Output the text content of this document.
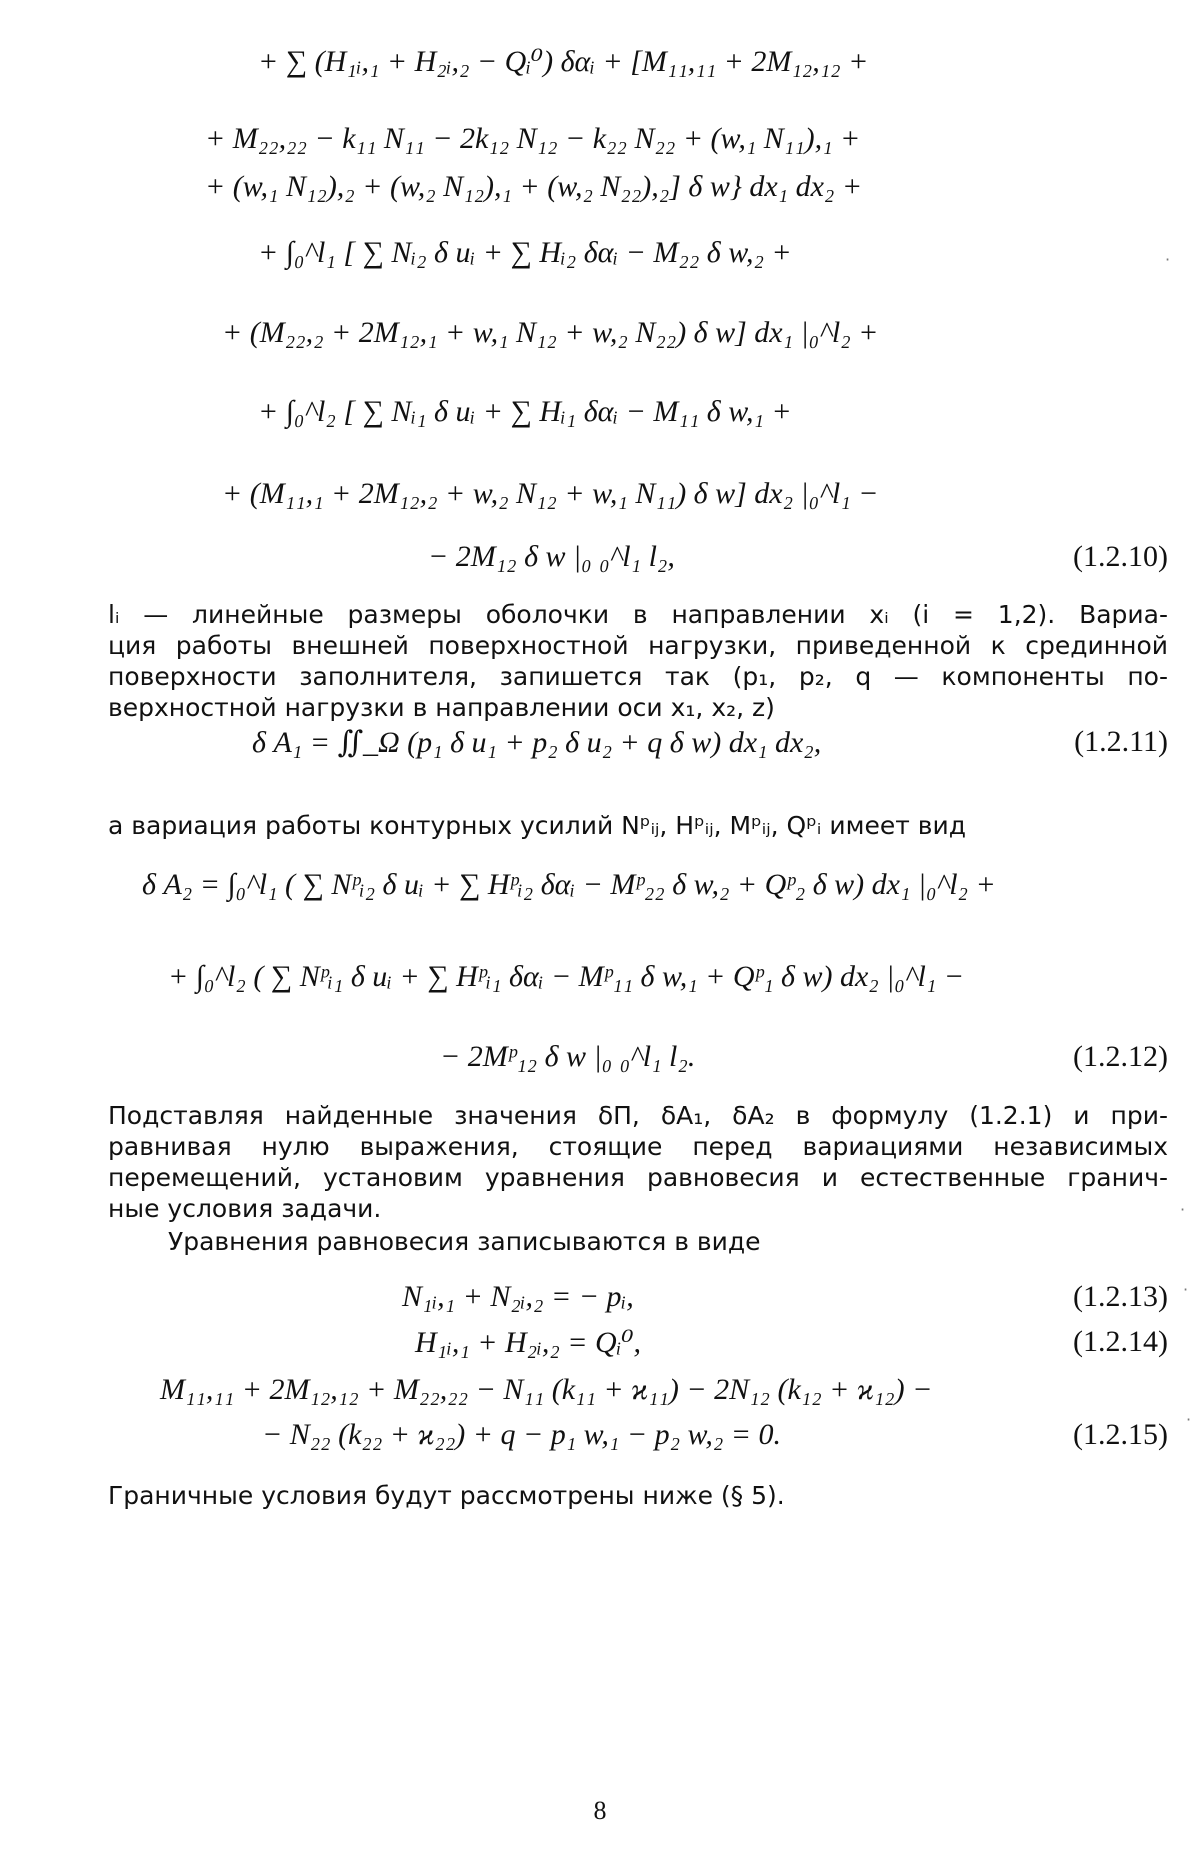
+ ∑ (H₁ᵢ,₁ + H₂ᵢ,₂ − Qᵢ⁰) δαᵢ + [M₁₁,₁₁ + 2M₁₂,₁₂ +
+ M₂₂,₂₂ − k₁₁ N₁₁ − 2k₁₂ N₁₂ − k₂₂ N₂₂ + (w,₁ N₁₁),₁ +
+ (w,₁ N₁₂),₂ + (w,₂ N₁₂),₁ + (w,₂ N₂₂),₂] δ w} dx₁ dx₂ +
+ ∫₀^l₁ [ ∑ Nᵢ₂ δ uᵢ + ∑ Hᵢ₂ δαᵢ − M₂₂ δ w,₂ +
+ (M₂₂,₂ + 2M₁₂,₁ + w,₁ N₁₂ + w,₂ N₂₂) δ w] dx₁ |₀^l₂ +
+ ∫₀^l₂ [ ∑ Nᵢ₁ δ uᵢ + ∑ Hᵢ₁ δαᵢ − M₁₁ δ w,₁ +
+ (M₁₁,₁ + 2M₁₂,₂ + w,₂ N₁₂ + w,₁ N₁₁) δ w] dx₂ |₀^l₁ −
− 2M₁₂ δ w |₀ ₀^l₁ l₂,	(1.2.10)
lᵢ — линейные размеры оболочки в направлении xᵢ (i = 1,2). Вариа-
ция работы внешней поверхностной нагрузки, приведенной к срединной
поверхности заполнителя, запишется так (p₁, p₂, q — компоненты по-
верхностной нагрузки в направлении оси x₁, x₂, z)
δ A₁ = ∬_Ω (p₁ δ u₁ + p₂ δ u₂ + q δ w) dx₁ dx₂,	(1.2.11)
а вариация работы контурных усилий Nᵖᵢⱼ, Hᵖᵢⱼ, Mᵖᵢⱼ, Qᵖᵢ имеет вид
δ A₂ = ∫₀^l₁ ( ∑ Nᵖᵢ₂ δ uᵢ + ∑ Hᵖᵢ₂ δαᵢ − Mᵖ₂₂ δ w,₂ + Qᵖ₂ δ w) dx₁ |₀^l₂ +
+ ∫₀^l₂ ( ∑ Nᵖᵢ₁ δ uᵢ + ∑ Hᵖᵢ₁ δαᵢ − Mᵖ₁₁ δ w,₁ + Qᵖ₁ δ w) dx₂ |₀^l₁ −
− 2Mᵖ₁₂ δ w |₀ ₀^l₁ l₂.	(1.2.12)
Подставляя найденные значения δП, δA₁, δA₂ в формулу (1.2.1) и при-
равнивая нулю выражения, стоящие перед вариациями независимых
перемещений, установим уравнения равновесия и естественные гранич-
ные условия задачи.
Уравнения равновесия записываются в виде
N₁ᵢ,₁ + N₂ᵢ,₂ = − pᵢ,	(1.2.13)
H₁ᵢ,₁ + H₂ᵢ,₂ = Qᵢ⁰,	(1.2.14)
M₁₁,₁₁ + 2M₁₂,₁₂ + M₂₂,₂₂ − N₁₁ (k₁₁ + ϰ₁₁) − 2N₁₂ (k₁₂ + ϰ₁₂) −
− N₂₂ (k₂₂ + ϰ₂₂) + q − p₁ w,₁ − p₂ w,₂ = 0.	(1.2.15)
Граничные условия будут рассмотрены ниже (§ 5).
8
·
·
·
·
